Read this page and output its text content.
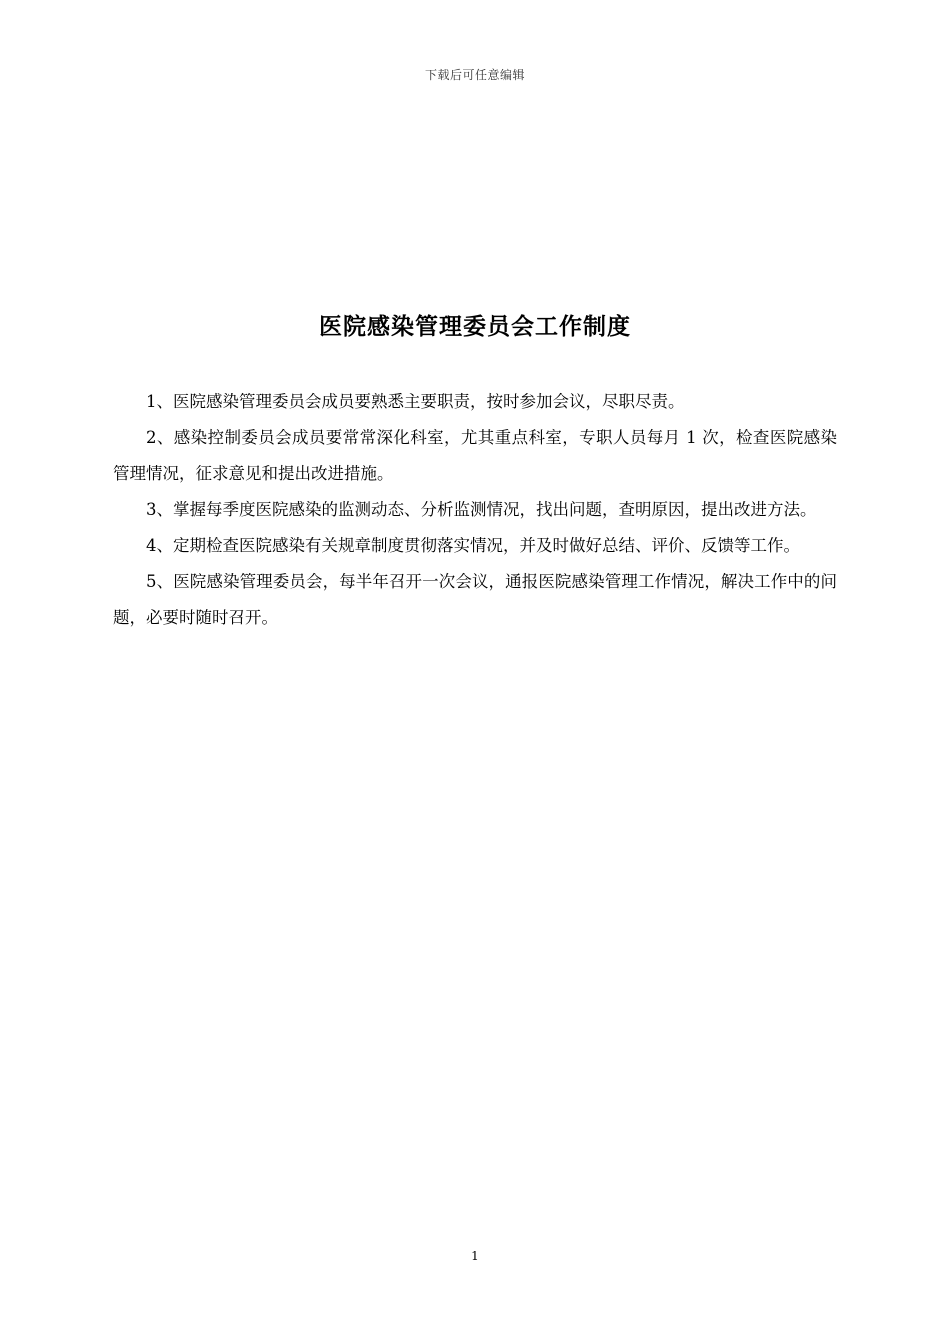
下载后可任意编辑
医院感染管理委员会工作制度

1、医院感染管理委员会成员要熟悉主要职责，按时参加会议，尽职尽责。

2、感染控制委员会成员要常常深化科室，尤其重点科室，专职人员每月 1 次，检查医院感染管理情况，征求意见和提出改进措施。

3、掌握每季度医院感染的监测动态、分析监测情况，找出问题，查明原因，提出改进方法。

4、定期检查医院感染有关规章制度贯彻落实情况，并及时做好总结、评价、反馈等工作。

5、医院感染管理委员会，每半年召开一次会议，通报医院感染管理工作情况，解决工作中的问题，必要时随时召开。

1
